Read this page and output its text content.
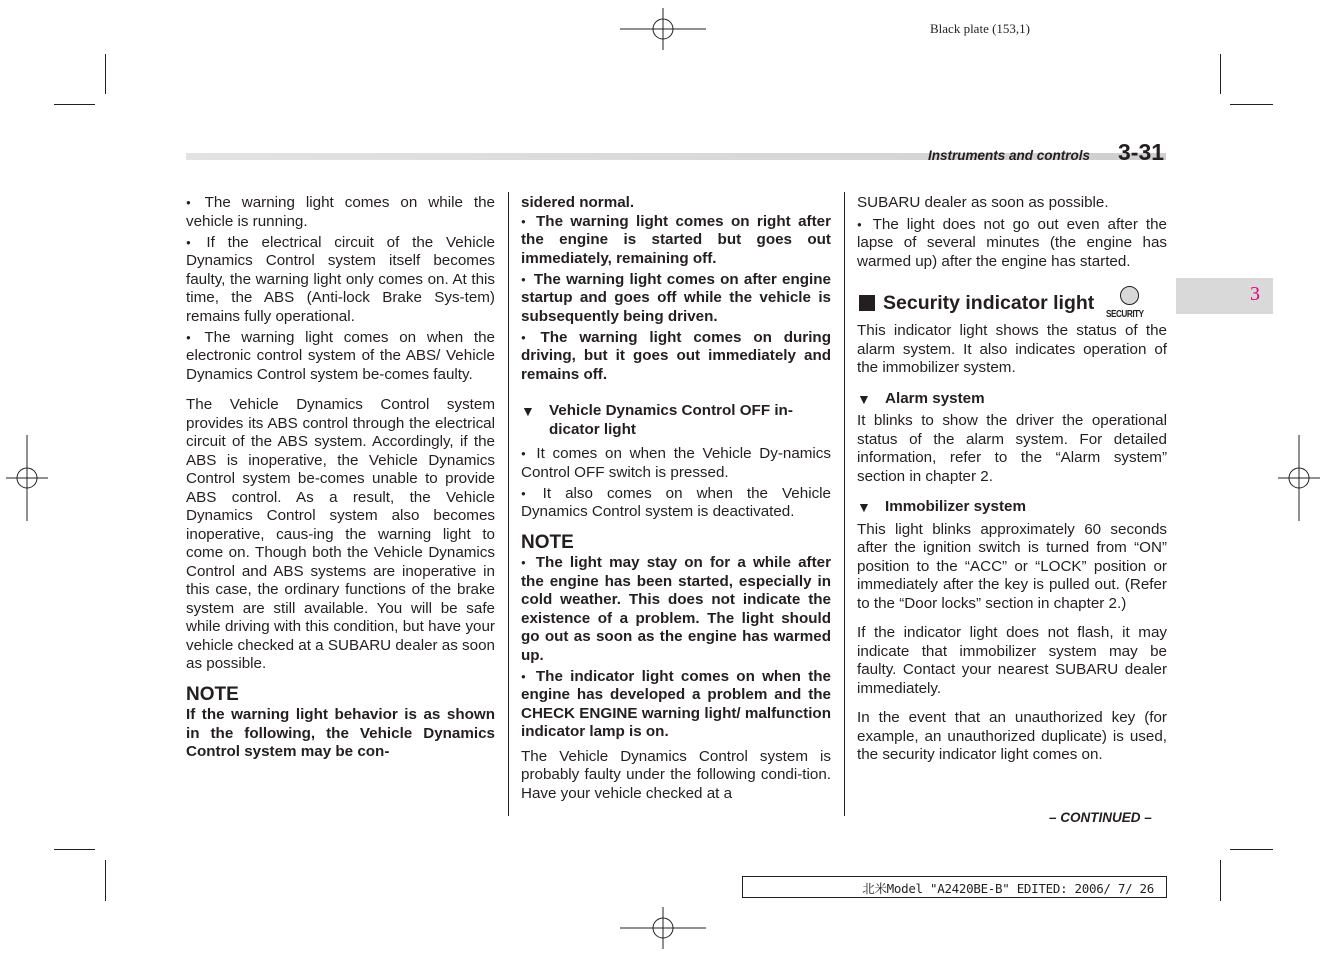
Black plate (153,1)
Instruments and controls 3-31
3

● The warning light comes on while the vehicle is running.

● If the electrical circuit of the Vehicle Dynamics Control system itself becomes faulty, the warning light only comes on. At this time, the ABS (Anti-lock Brake Sys-tem) remains fully operational.

● The warning light comes on when the electronic control system of the ABS/ Vehicle Dynamics Control system be-comes faulty.

The Vehicle Dynamics Control system provides its ABS control through the electrical circuit of the ABS system. Accordingly, if the ABS is inoperative, the Vehicle Dynamics Control system be-comes unable to provide ABS control. As a result, the Vehicle Dynamics Control system also becomes inoperative, caus-ing the warning light to come on. Though both the Vehicle Dynamics Control and ABS systems are inoperative in this case, the ordinary functions of the brake system are still available. You will be safe while driving with this condition, but have your vehicle checked at a SUBARU dealer as soon as possible.

NOTE

If the warning light behavior is as shown in the following, the Vehicle Dynamics Control system may be con-

sidered normal.

● The warning light comes on right after the engine is started but goes out immediately, remaining off.

● The warning light comes on after engine startup and goes off while the vehicle is subsequently being driven.

● The warning light comes on during driving, but it goes out immediately and remains off.

▼ Vehicle Dynamics Control OFF in-dicator light

● It comes on when the Vehicle Dy-namics Control OFF switch is pressed.

● It also comes on when the Vehicle Dynamics Control system is deactivated.

NOTE

● The light may stay on for a while after the engine has been started, especially in cold weather. This does not indicate the existence of a problem. The light should go out as soon as the engine has warmed up.

● The indicator light comes on when the engine has developed a problem and the CHECK ENGINE warning light/ malfunction indicator lamp is on.

The Vehicle Dynamics Control system is probably faulty under the following condi-tion. Have your vehicle checked at a

SUBARU dealer as soon as possible.

● The light does not go out even after the lapse of several minutes (the engine has warmed up) after the engine has started.

Security indicator light
SECURITY

This indicator light shows the status of the alarm system. It also indicates operation of the immobilizer system.

▼ Alarm system

It blinks to show the driver the operational status of the alarm system. For detailed information, refer to the “Alarm system” section in chapter 2.

▼ Immobilizer system

This light blinks approximately 60 seconds after the ignition switch is turned from “ON” position to the “ACC” or “LOCK” position or immediately after the key is pulled out. (Refer to the “Door locks” section in chapter 2.)

If the indicator light does not flash, it may indicate that immobilizer system may be faulty. Contact your nearest SUBARU dealer immediately.

In the event that an unauthorized key (for example, an unauthorized duplicate) is used, the security indicator light comes on.

– CONTINUED –
北米Model "A2420BE-B" EDITED: 2006/ 7/ 26
